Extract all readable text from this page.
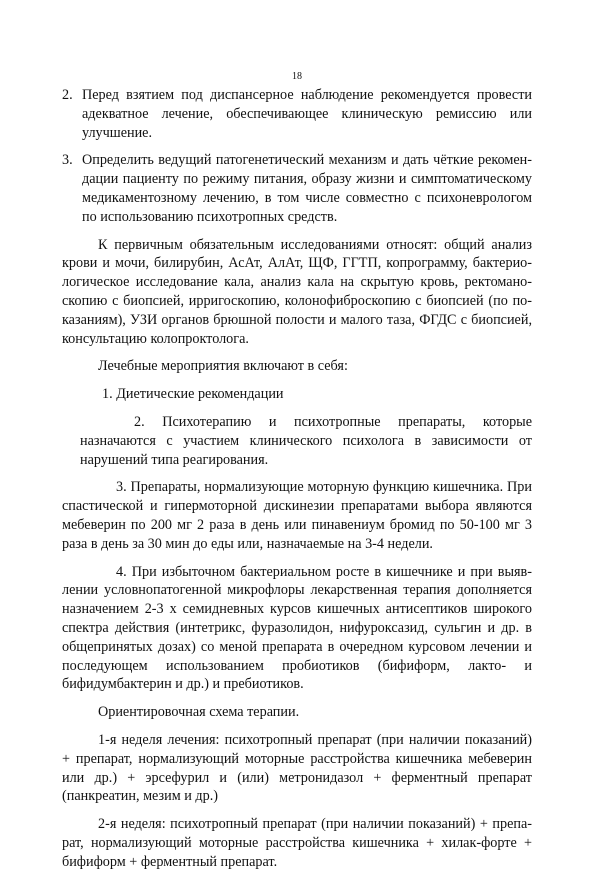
18
2. Перед взятием под диспансерное наблюдение рекомендуется провести адекватное лечение, обеспечивающее клиническую ремиссию или улучшение.
3. Определить ведущий патогенетический механизм и дать чёткие рекомендации пациенту по режиму питания, образу жизни и симптоматическому медикаментозному лечению, в том числе совместно с психоневрологом по использованию психотропных средств.

К первичным обязательным исследованиями относят: общий анализ крови и мочи, билирубин, АсАт, АлАт, ЩФ, ГГТП, копрограмму, бактериологическое исследование кала, анализ кала на скрытую кровь, ректоманоскопию с биопсией, ирригоскопию, колонофиброскопию с биопсией (по показаниям), УЗИ органов брюшной полости и малого таза, ФГДС с биопсией, консультацию колопроктолога.

Лечебные мероприятия включают в себя:

1. Диетические рекомендации

2. Психотерапию и психотропные препараты, которые назначаются с участием клинического психолога в зависимости от нарушений типа реагирования.

3. Препараты, нормализующие моторную функцию кишечника. При спастической и гипермоторной дискинезии препаратами выбора являются мебеверин по 200 мг 2 раза в день или пинавениум бромид по 50-100 мг 3 раза в день за 30 мин до еды или, назначаемые на 3-4 недели.

4. При избыточном бактериальном росте в кишечнике и при выявлении условнопатогенной микрофлоры лекарственная терапия дополняется назначением 2-3 х семидневных курсов кишечных антисептиков широкого спектра действия (интетрикс, фуразолидон, нифуроксазид, сульгин и др. в общепринятых дозах) со меной препарата в очередном курсовом лечении и последующем использованием пробиотиков (бифиформ, лакто- и бифидумбактерин и др.) и пребиотиков.

Ориентировочная схема терапии.

1-я неделя лечения: психотропный препарат (при наличии показаний) + препарат, нормализующий моторные расстройства кишечника мебеверин или др.) + эрсефурил и (или) метронидазол + ферментный препарат (панкреатин, мезим и др.)

2-я неделя: психотропный препарат (при наличии показаний) + препарат, нормализующий моторные расстройства кишечника + хилак-форте + бифиформ + ферментный препарат.
